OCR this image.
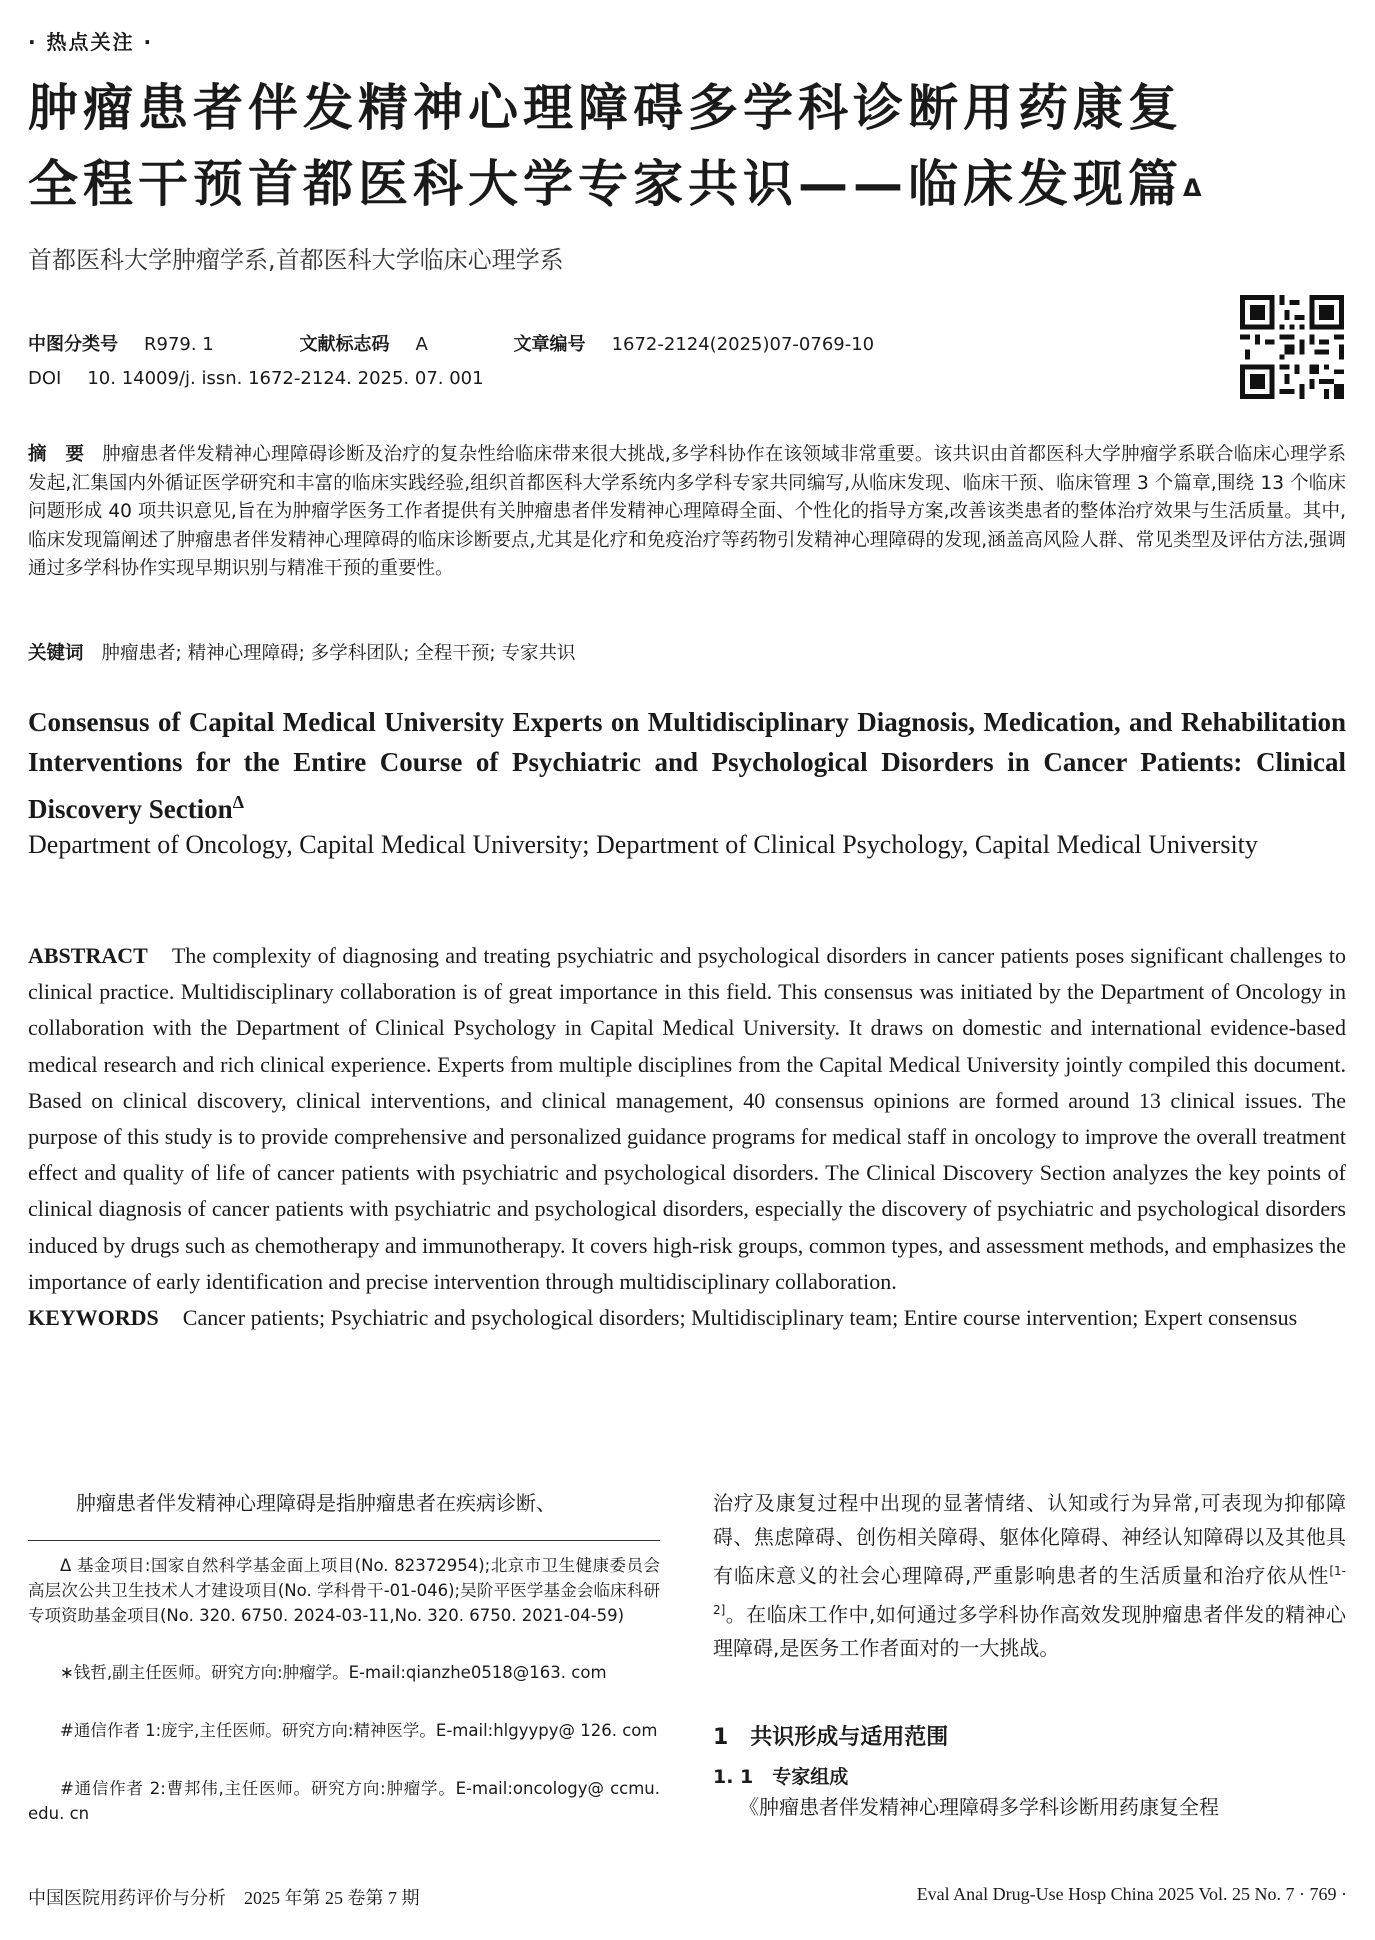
· 热点关注 ·
肿瘤患者伴发精神心理障碍多学科诊断用药康复
全程干预首都医科大学专家共识——临床发现篇$^\Delta$
首都医科大学肿瘤学系,首都医科大学临床心理学系
中图分类号 R979. 1	文献标志码 A	文章编号 1672-2124(2025)07-0769-10
DOI 10. 14009/j. issn. 1672-2124. 2025. 07. 001
摘　要 肿瘤患者伴发精神心理障碍诊断及治疗的复杂性给临床带来很大挑战,多学科协作在该领域非常重要。该共识由首都医科大学肿瘤学系联合临床心理学系发起,汇集国内外循证医学研究和丰富的临床实践经验,组织首都医科大学系统内多学科专家共同编写,从临床发现、临床干预、临床管理 3 个篇章,围绕 13 个临床问题形成 40 项共识意见,旨在为肿瘤学医务工作者提供有关肿瘤患者伴发精神心理障碍全面、个性化的指导方案,改善该类患者的整体治疗效果与生活质量。其中,临床发现篇阐述了肿瘤患者伴发精神心理障碍的临床诊断要点,尤其是化疗和免疫治疗等药物引发精神心理障碍的发现,涵盖高风险人群、常见类型及评估方法,强调通过多学科协作实现早期识别与精准干预的重要性。
关键词 肿瘤患者; 精神心理障碍; 多学科团队; 全程干预; 专家共识
Consensus of Capital Medical University Experts on Multidisciplinary Diagnosis, Medication, and Rehabilitation Interventions for the Entire Course of Psychiatric and Psychological Disorders in Cancer Patients: Clinical Discovery Section$^\Delta$
Department of Oncology, Capital Medical University; Department of Clinical Psychology, Capital Medical University
ABSTRACT The complexity of diagnosing and treating psychiatric and psychological disorders in cancer patients poses significant challenges to clinical practice. Multidisciplinary collaboration is of great importance in this field. This consensus was initiated by the Department of Oncology in collaboration with the Department of Clinical Psychology in Capital Medical University. It draws on domestic and international evidence-based medical research and rich clinical experience. Experts from multiple disciplines from the Capital Medical University jointly compiled this document. Based on clinical discovery, clinical interventions, and clinical management, 40 consensus opinions are formed around 13 clinical issues. The purpose of this study is to provide comprehensive and personalized guidance programs for medical staff in oncology to improve the overall treatment effect and quality of life of cancer patients with psychiatric and psychological disorders. The Clinical Discovery Section analyzes the key points of clinical diagnosis of cancer patients with psychiatric and psychological disorders, especially the discovery of psychiatric and psychological disorders induced by drugs such as chemotherapy and immunotherapy. It covers high-risk groups, common types, and assessment methods, and emphasizes the importance of early identification and precise intervention through multidisciplinary collaboration.
KEYWORDS Cancer patients; Psychiatric and psychological disorders; Multidisciplinary team; Entire course intervention; Expert consensus
肿瘤患者伴发精神心理障碍是指肿瘤患者在疾病诊断、
Δ 基金项目:国家自然科学基金面上项目(No. 82372954);北京市卫生健康委员会高层次公共卫生技术人才建设项目(No. 学科骨干-01-046);吴阶平医学基金会临床科研专项资助基金项目(No. 320. 6750. 2024-03-11,No. 320. 6750. 2021-04-59)
∗钱哲,副主任医师。研究方向:肿瘤学。E-mail:qianzhe0518@163. com
#通信作者 1:庞宇,主任医师。研究方向:精神医学。E-mail:hlgyypy@ 126. com
#通信作者 2:曹邦伟,主任医师。研究方向:肿瘤学。E-mail:oncology@ ccmu. edu. cn
治疗及康复过程中出现的显著情绪、认知或行为异常,可表现为抑郁障碍、焦虑障碍、创伤相关障碍、躯体化障碍、神经认知障碍以及其他具有临床意义的社会心理障碍,严重影响患者的生活质量和治疗依从性[1-2]。在临床工作中,如何通过多学科协作高效发现肿瘤患者伴发的精神心理障碍,是医务工作者面对的一大挑战。
1　共识形成与适用范围
1. 1　专家组成
《肿瘤患者伴发精神心理障碍多学科诊断用药康复全程
中国医院用药评价与分析　2025 年第 25 卷第 7 期	Eval Anal Drug-Use Hosp China 2025 Vol. 25 No. 7 · 769 ·
